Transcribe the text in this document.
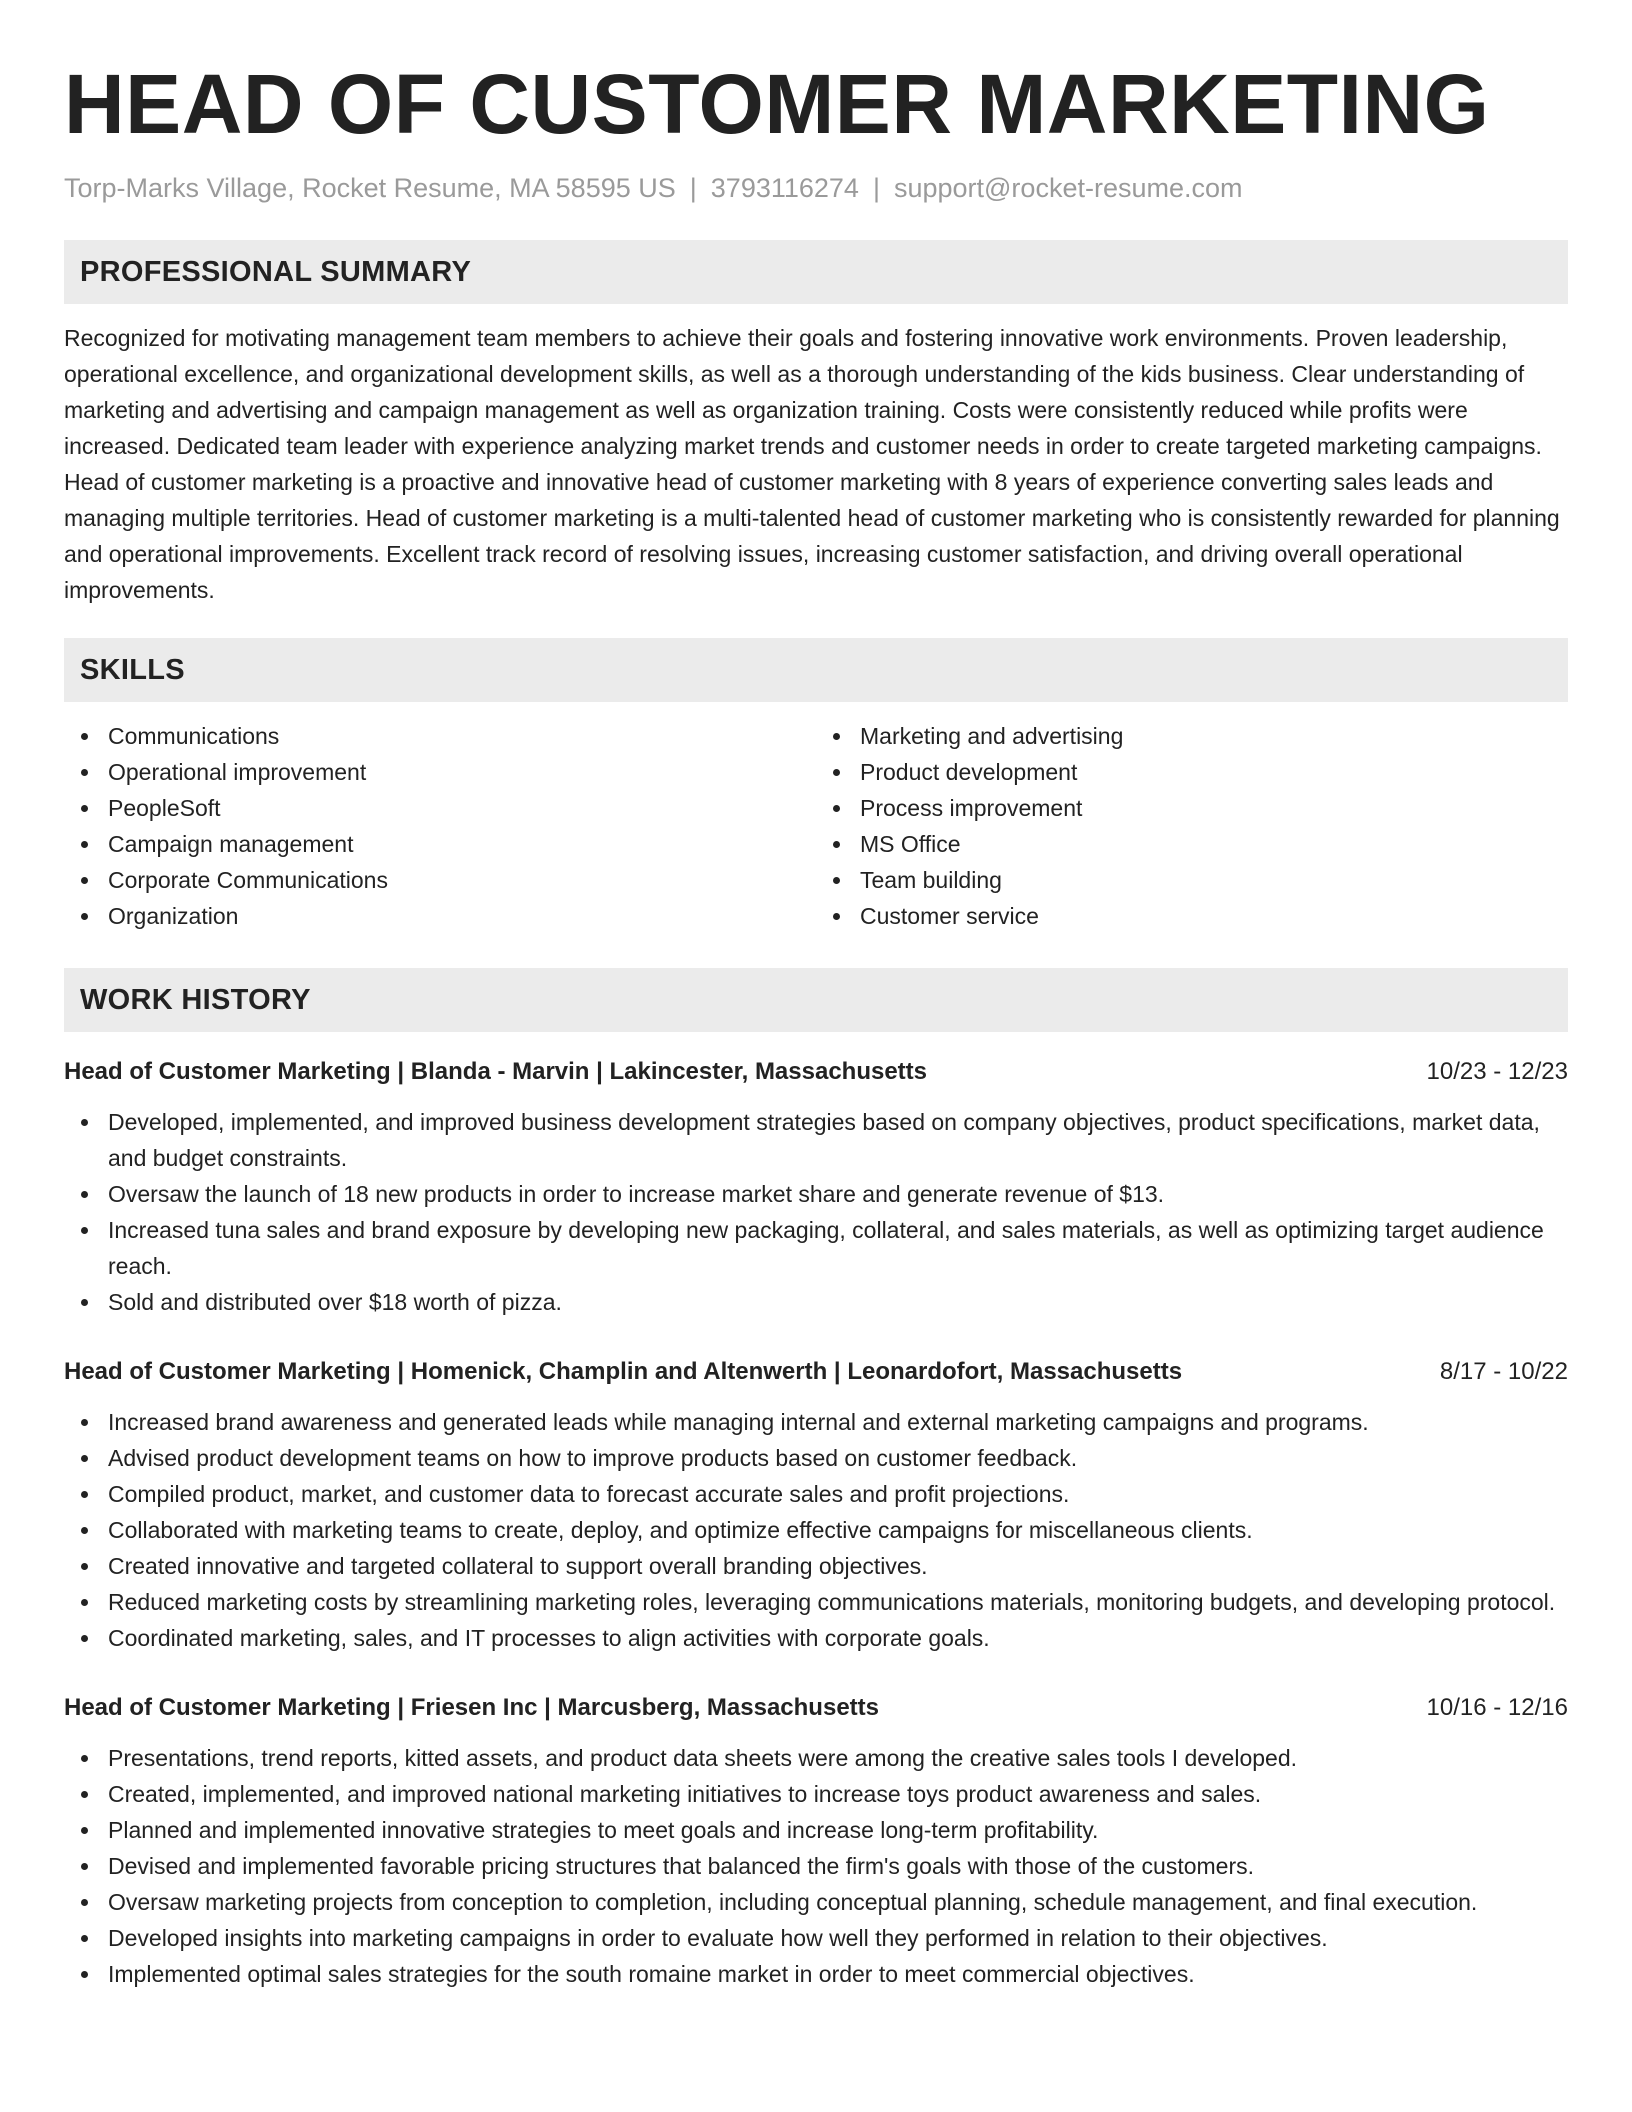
HEAD OF CUSTOMER MARKETING
Torp-Marks Village, Rocket Resume, MA 58595 US | 3793116274 | support@rocket-resume.com
PROFESSIONAL SUMMARY

Recognized for motivating management team members to achieve their goals and fostering innovative work environments. Proven leadership, operational excellence, and organizational development skills, as well as a thorough understanding of the kids business. Clear understanding of marketing and advertising and campaign management as well as organization training. Costs were consistently reduced while profits were increased. Dedicated team leader with experience analyzing market trends and customer needs in order to create targeted marketing campaigns. Head of customer marketing is a proactive and innovative head of customer marketing with 8 years of experience converting sales leads and managing multiple territories. Head of customer marketing is a multi-talented head of customer marketing who is consistently rewarded for planning and operational improvements. Excellent track record of resolving issues, increasing customer satisfaction, and driving overall operational improvements.

SKILLS
Communications
Operational improvement
PeopleSoft
Campaign management
Corporate Communications
Organization
Marketing and advertising
Product development
Process improvement
MS Office
Team building
Customer service
WORK HISTORY
Head of Customer Marketing | Blanda - Marvin | Lakincester, Massachusetts	10/23 - 12/23
Developed, implemented, and improved business development strategies based on company objectives, product specifications, market data, and budget constraints.
Oversaw the launch of 18 new products in order to increase market share and generate revenue of $13.
Increased tuna sales and brand exposure by developing new packaging, collateral, and sales materials, as well as optimizing target audience reach.
Sold and distributed over $18 worth of pizza.
Head of Customer Marketing | Homenick, Champlin and Altenwerth | Leonardofort, Massachusetts	8/17 - 10/22
Increased brand awareness and generated leads while managing internal and external marketing campaigns and programs.
Advised product development teams on how to improve products based on customer feedback.
Compiled product, market, and customer data to forecast accurate sales and profit projections.
Collaborated with marketing teams to create, deploy, and optimize effective campaigns for miscellaneous clients.
Created innovative and targeted collateral to support overall branding objectives.
Reduced marketing costs by streamlining marketing roles, leveraging communications materials, monitoring budgets, and developing protocol.
Coordinated marketing, sales, and IT processes to align activities with corporate goals.
Head of Customer Marketing | Friesen Inc | Marcusberg, Massachusetts	10/16 - 12/16
Presentations, trend reports, kitted assets, and product data sheets were among the creative sales tools I developed.
Created, implemented, and improved national marketing initiatives to increase toys product awareness and sales.
Planned and implemented innovative strategies to meet goals and increase long-term profitability.
Devised and implemented favorable pricing structures that balanced the firm's goals with those of the customers.
Oversaw marketing projects from conception to completion, including conceptual planning, schedule management, and final execution.
Developed insights into marketing campaigns in order to evaluate how well they performed in relation to their objectives.
Implemented optimal sales strategies for the south romaine market in order to meet commercial objectives.
